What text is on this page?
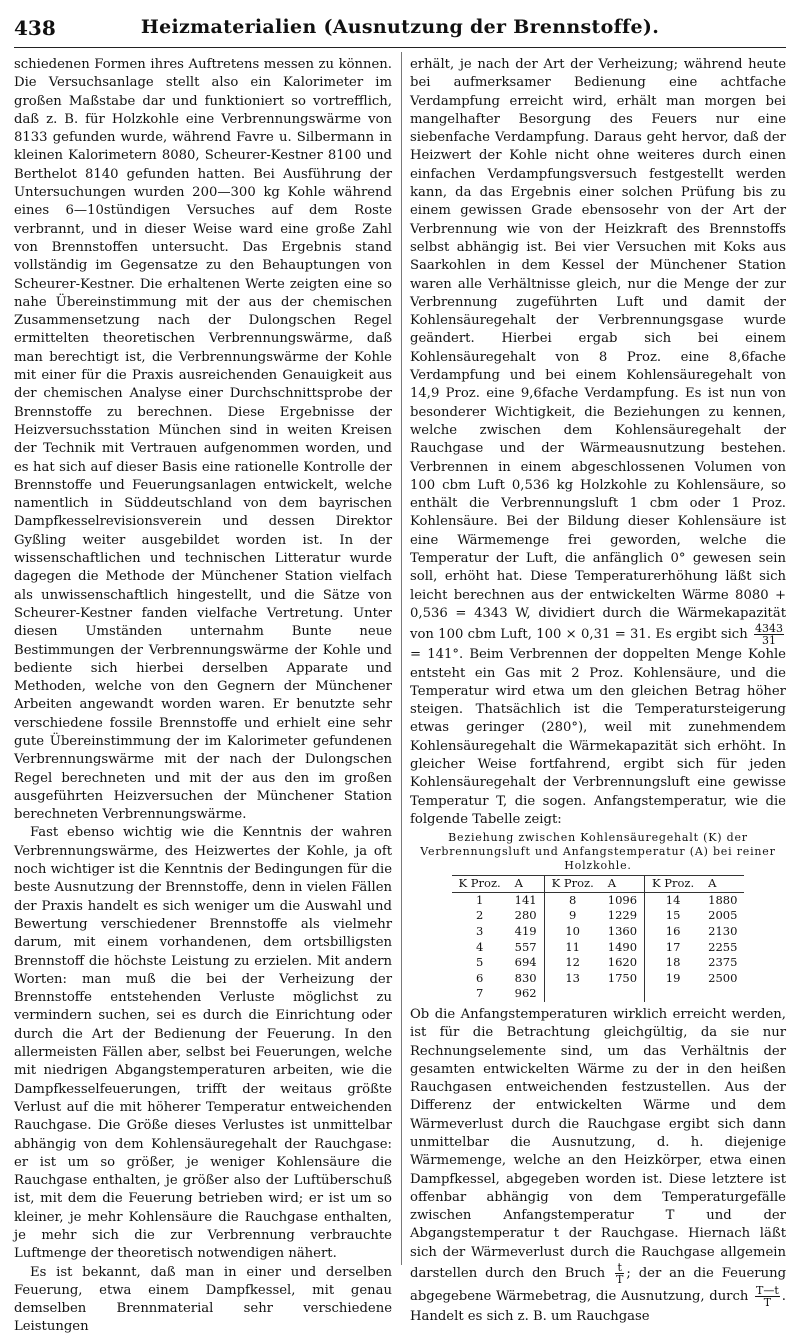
438	Heizmaterialien (Ausnutzung der Brennstoffe).

schiedenen Formen ihres Auftretens messen zu können. Die Versuchsanlage stellt also ein Kalorimeter im großen Maßstabe dar und funktioniert so vortrefflich, daß z. B. für Holzkohle eine Verbrennungswärme von 8133 gefunden wurde, während Favre u. Silbermann in kleinen Kalorimetern 8080, Scheurer-Kestner 8100 und Berthelot 8140 gefunden hatten. Bei Ausführung der Untersuchungen wurden 200—300 kg Kohle während eines 6—10stündigen Versuches auf dem Roste verbrannt, und in dieser Weise ward eine große Zahl von Brennstoffen untersucht. Das Ergebnis stand vollständig im Gegensatze zu den Behauptungen von Scheurer-Kestner. Die erhaltenen Werte zeigten eine so nahe Übereinstimmung mit der aus der chemischen Zusammensetzung nach der Dulongschen Regel ermittelten theoretischen Verbrennungswärme, daß man berechtigt ist, die Verbrennungswärme der Kohle mit einer für die Praxis ausreichenden Genauigkeit aus der chemischen Analyse einer Durchschnittsprobe der Brennstoffe zu berechnen. Diese Ergebnisse der Heizversuchsstation München sind in weiten Kreisen der Technik mit Vertrauen aufgenommen worden, und es hat sich auf dieser Basis eine rationelle Kontrolle der Brennstoffe und Feuerungsanlagen entwickelt, welche namentlich in Süddeutschland von dem bayrischen Dampfkesselrevisionsverein und dessen Direktor Gyßling weiter ausgebildet worden ist. In der wissenschaftlichen und technischen Litteratur wurde dagegen die Methode der Münchener Station vielfach als unwissenschaftlich hingestellt, und die Sätze von Scheurer-Kestner fanden vielfache Vertretung. Unter diesen Umständen unternahm Bunte neue Bestimmungen der Verbrennungswärme der Kohle und bediente sich hierbei derselben Apparate und Methoden, welche von den Gegnern der Münchener Arbeiten angewandt worden waren. Er benutzte sehr verschiedene fossile Brennstoffe und erhielt eine sehr gute Übereinstimmung der im Kalorimeter gefundenen Verbrennungswärme mit der nach der Dulongschen Regel berechneten und mit der aus den im großen ausgeführten Heizversuchen der Münchener Station berechneten Verbrennungswärme.

Fast ebenso wichtig wie die Kenntnis der wahren Verbrennungswärme, des Heizwertes der Kohle, ja oft noch wichtiger ist die Kenntnis der Bedingungen für die beste Ausnutzung der Brennstoffe, denn in vielen Fällen der Praxis handelt es sich weniger um die Auswahl und Bewertung verschiedener Brennstoffe als vielmehr darum, mit einem vorhandenen, dem ortsbilligsten Brennstoff die höchste Leistung zu erzielen. Mit andern Worten: man muß die bei der Verheizung der Brennstoffe entstehenden Verluste möglichst zu vermindern suchen, sei es durch die Einrichtung oder durch die Art der Bedienung der Feuerung. In den allermeisten Fällen aber, selbst bei Feuerungen, welche mit niedrigen Abgangstemperaturen arbeiten, wie die Dampfkesselfeuerungen, trifft der weitaus größte Verlust auf die mit höherer Temperatur entweichenden Rauchgase. Die Größe dieses Verlustes ist unmittelbar abhängig von dem Kohlensäuregehalt der Rauchgase: er ist um so größer, je weniger Kohlensäure die Rauchgase enthalten, je größer also der Luftüberschuß ist, mit dem die Feuerung betrieben wird; er ist um so kleiner, je mehr Kohlensäure die Rauchgase enthalten, je mehr sich die zur Verbrennung verbrauchte Luftmenge der theoretisch notwendigen nähert.

Es ist bekannt, daß man in einer und derselben Feuerung, etwa einem Dampfkessel, mit genau demselben Brennmaterial sehr verschiedene Leistungen

erhält, je nach der Art der Verheizung; während heute bei aufmerksamer Bedienung eine achtfache Verdampfung erreicht wird, erhält man morgen bei mangelhafter Besorgung des Feuers nur eine siebenfache Verdampfung. Daraus geht hervor, daß der Heizwert der Kohle nicht ohne weiteres durch einen einfachen Verdampfungsversuch festgestellt werden kann, da das Ergebnis einer solchen Prüfung bis zu einem gewissen Grade ebensosehr von der Art der Verbrennung wie von der Heizkraft des Brennstoffs selbst abhängig ist. Bei vier Versuchen mit Koks aus Saarkohlen in dem Kessel der Münchener Station waren alle Verhältnisse gleich, nur die Menge der zur Verbrennung zugeführten Luft und damit der Kohlensäuregehalt der Verbrennungsgase wurde geändert. Hierbei ergab sich bei einem Kohlensäuregehalt von 8 Proz. eine 8,6fache Verdampfung und bei einem Kohlensäuregehalt von 14,9 Proz. eine 9,6fache Verdampfung. Es ist nun von besonderer Wichtigkeit, die Beziehungen zu kennen, welche zwischen dem Kohlensäuregehalt der Rauchgase und der Wärmeausnutzung bestehen. Verbrennen in einem abgeschlossenen Volumen von 100 cbm Luft 0,536 kg Holzkohle zu Kohlensäure, so enthält die Verbrennungsluft 1 cbm oder 1 Proz. Kohlensäure. Bei der Bildung dieser Kohlensäure ist eine Wärmemenge frei geworden, welche die Temperatur der Luft, die anfänglich 0° gewesen sein soll, erhöht hat. Diese Temperaturerhöhung läßt sich leicht berechnen aus der entwickelten Wärme 8080 + 0,536 = 4343 W, dividiert durch die Wärmekapazität von 100 cbm Luft, 100 × 0,31 = 31. Es ergibt sich $\frac{4343}{31}$
= 141°. Beim Verbrennen der doppelten Menge Kohle entsteht ein Gas mit 2 Proz. Kohlensäure, und die Temperatur wird etwa um den gleichen Betrag höher steigen. Thatsächlich ist die Temperatursteigerung etwas geringer (280°), weil mit zunehmendem Kohlensäuregehalt die Wärmekapazität sich erhöht. In gleicher Weise fortfahrend, ergibt sich für jeden Kohlensäuregehalt der Verbrennungsluft eine gewisse Temperatur T, die sogen. Anfangstemperatur, wie die folgende Tabelle zeigt:

Beziehung zwischen Kohlensäuregehalt (K) der Verbrennungsluft und Anfangstemperatur (A) bei reiner Holzkohle.
K Proz.	A	K Proz.	A	K Proz.	A
1	141	8	1096	14	1880
2	280	9	1229	15	2005
3	419	10	1360	16	2130
4	557	11	1490	17	2255
5	694	12	1620	18	2375
6	830	13	1750	19	2500
7	962				

Ob die Anfangstemperaturen wirklich erreicht werden, ist für die Betrachtung gleichgültig, da sie nur Rechnungselemente sind, um das Verhältnis der gesamten entwickelten Wärme zu der in den heißen Rauchgasen entweichenden festzustellen. Aus der Differenz der entwickelten Wärme und dem Wärmeverlust durch die Rauchgase ergibt sich dann unmittelbar die Ausnutzung, d. h. diejenige Wärmemenge, welche an den Heizkörper, etwa einen Dampfkessel, abgegeben worden ist. Diese letztere ist offenbar abhängig von dem Temperaturgefälle zwischen Anfangstemperatur T und der Abgangstemperatur t der Rauchgase. Hiernach läßt sich der Wärmeverlust durch die Rauchgase allgemein darstellen durch den Bruch $\frac{t}{T}$ ; der an die Feuerung abgegebene Wärmebetrag, die Ausnutzung, durch $\frac{T—t}{T}$ . Handelt es sich z. B. um Rauchgase
